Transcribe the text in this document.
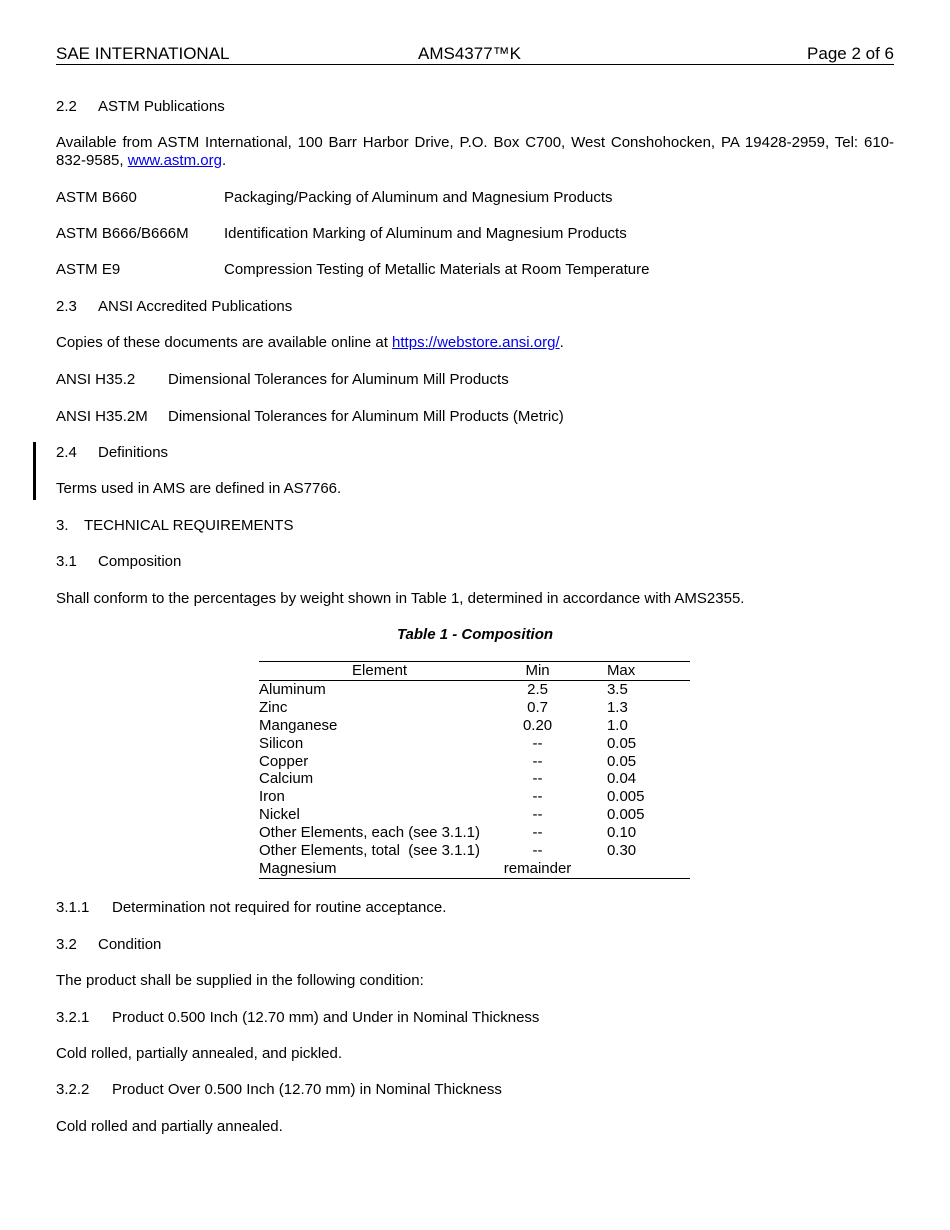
SAE INTERNATIONAL	AMS4377™K	Page 2 of 6
2.2 ASTM Publications
Available from ASTM International, 100 Barr Harbor Drive, P.O. Box C700, West Conshohocken, PA 19428-2959, Tel: 610-832-9585, www.astm.org.
ASTM B660	Packaging/Packing of Aluminum and Magnesium Products
ASTM B666/B666M Identification Marking of Aluminum and Magnesium Products
ASTM E9	Compression Testing of Metallic Materials at Room Temperature
2.3 ANSI Accredited Publications
Copies of these documents are available online at https://webstore.ansi.org/.
ANSI H35.2 Dimensional Tolerances for Aluminum Mill Products
ANSI H35.2M Dimensional Tolerances for Aluminum Mill Products (Metric)
2.4 Definitions
Terms used in AMS are defined in AS7766.
3. TECHNICAL REQUIREMENTS
3.1 Composition
Shall conform to the percentages by weight shown in Table 1, determined in accordance with AMS2355.
Table 1 - Composition
Element	Min	Max
Aluminum	2.5	3.5
Zinc	0.7	1.3
Manganese	0.20	1.0
Silicon	--	0.05
Copper	--	0.05
Calcium	--	0.04
Iron	--	0.005
Nickel	--	0.005
Other Elements, each (see 3.1.1)	--	0.10
Other Elements, total  (see 3.1.1)	--	0.30
Magnesium	remainder	
3.1.1 Determination not required for routine acceptance.
3.2 Condition
The product shall be supplied in the following condition:
3.2.1 Product 0.500 Inch (12.70 mm) and Under in Nominal Thickness
Cold rolled, partially annealed, and pickled.
3.2.2 Product Over 0.500 Inch (12.70 mm) in Nominal Thickness
Cold rolled and partially annealed.
